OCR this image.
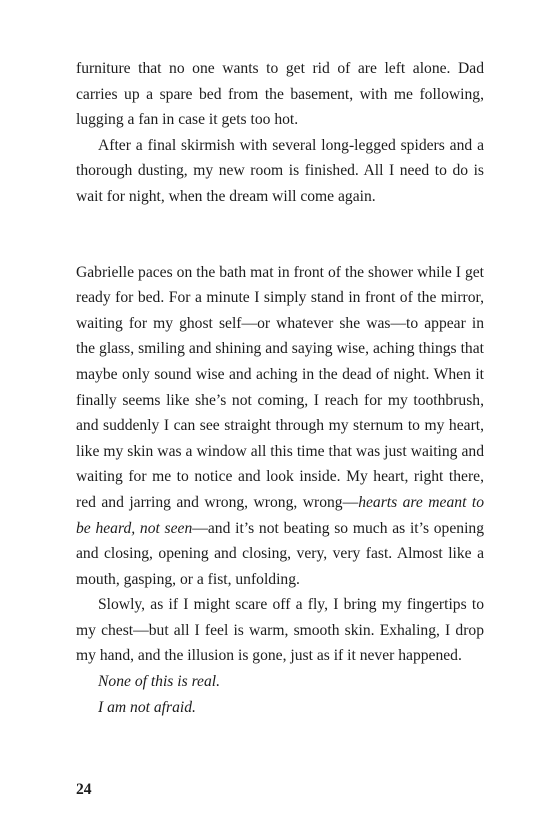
furniture that no one wants to get rid of are left alone. Dad carries up a spare bed from the basement, with me following, lugging a fan in case it gets too hot.

After a final skirmish with several long-legged spiders and a thorough dusting, my new room is finished. All I need to do is wait for night, when the dream will come again.

Gabrielle paces on the bath mat in front of the shower while I get ready for bed. For a minute I simply stand in front of the mirror, waiting for my ghost self—or whatever she was—to appear in the glass, smiling and shining and saying wise, aching things that maybe only sound wise and aching in the dead of night. When it finally seems like she’s not coming, I reach for my toothbrush, and suddenly I can see straight through my sternum to my heart, like my skin was a window all this time that was just waiting and waiting for me to notice and look inside. My heart, right there, red and jarring and wrong, wrong, wrong—hearts are meant to be heard, not seen—and it’s not beating so much as it’s opening and closing, opening and closing, very, very fast. Almost like a mouth, gasping, or a fist, unfolding.

Slowly, as if I might scare off a fly, I bring my fingertips to my chest—but all I feel is warm, smooth skin. Exhaling, I drop my hand, and the illusion is gone, just as if it never happened.

None of this is real.

I am not afraid.

24
